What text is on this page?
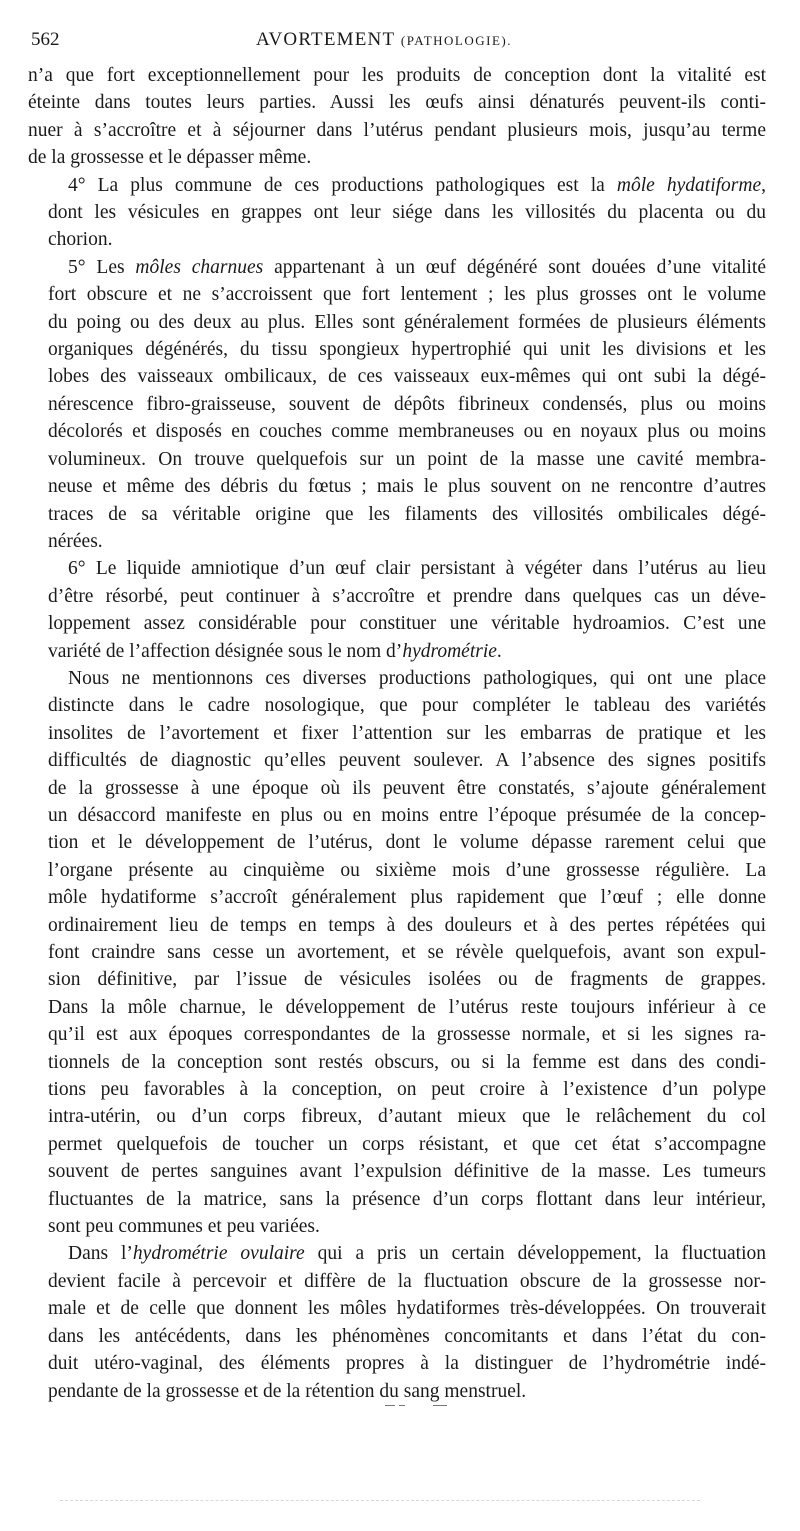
562	AVORTEMENT (PATHOLOGIE).
n’a que fort exceptionnellement pour les produits de conception dont la vitalité est
éteinte dans toutes leurs parties. Aussi les œufs ainsi dénaturés peuvent-ils conti-
nuer à s’accroître et à séjourner dans l’utérus pendant plusieurs mois, jusqu’au terme
de la grossesse et le dépasser même.
4° La plus commune de ces productions pathologiques est la môle hydatiforme,
dont les vésicules en grappes ont leur siége dans les villosités du placenta ou du
chorion.
5° Les môles charnues appartenant à un œuf dégénéré sont douées d’une vitalité
fort obscure et ne s’accroissent que fort lentement ; les plus grosses ont le volume
du poing ou des deux au plus. Elles sont généralement formées de plusieurs éléments
organiques dégénérés, du tissu spongieux hypertrophié qui unit les divisions et les
lobes des vaisseaux ombilicaux, de ces vaisseaux eux-mêmes qui ont subi la dégé-
nérescence fibro-graisseuse, souvent de dépôts fibrineux condensés, plus ou moins
décolorés et disposés en couches comme membraneuses ou en noyaux plus ou moins
volumineux. On trouve quelquefois sur un point de la masse une cavité membra-
neuse et même des débris du fœtus ; mais le plus souvent on ne rencontre d’autres
traces de sa véritable origine que les filaments des villosités ombilicales dégé-
nérées.
6° Le liquide amniotique d’un œuf clair persistant à végéter dans l’utérus au lieu
d’être résorbé, peut continuer à s’accroître et prendre dans quelques cas un déve-
loppement assez considérable pour constituer une véritable hydroamios. C’est une
variété de l’affection désignée sous le nom d’hydrométrie.
Nous ne mentionnons ces diverses productions pathologiques, qui ont une place
distincte dans le cadre nosologique, que pour compléter le tableau des variétés
insolites de l’avortement et fixer l’attention sur les embarras de pratique et les
difficultés de diagnostic qu’elles peuvent soulever. A l’absence des signes positifs
de la grossesse à une époque où ils peuvent être constatés, s’ajoute généralement
un désaccord manifeste en plus ou en moins entre l’époque présumée de la concep-
tion et le développement de l’utérus, dont le volume dépasse rarement celui que
l’organe présente au cinquième ou sixième mois d’une grossesse régulière. La
môle hydatiforme s’accroît généralement plus rapidement que l’œuf ; elle donne
ordinairement lieu de temps en temps à des douleurs et à des pertes répétées qui
font craindre sans cesse un avortement, et se révèle quelquefois, avant son expul-
sion définitive, par l’issue de vésicules isolées ou de fragments de grappes.
Dans la môle charnue, le développement de l’utérus reste toujours inférieur à ce
qu’il est aux époques correspondantes de la grossesse normale, et si les signes ra-
tionnels de la conception sont restés obscurs, ou si la femme est dans des condi-
tions peu favorables à la conception, on peut croire à l’existence d’un polype
intra-utérin, ou d’un corps fibreux, d’autant mieux que le relâchement du col
permet quelquefois de toucher un corps résistant, et que cet état s’accompagne
souvent de pertes sanguines avant l’expulsion définitive de la masse. Les tumeurs
fluctuantes de la matrice, sans la présence d’un corps flottant dans leur intérieur,
sont peu communes et peu variées.
Dans l’hydrométrie ovulaire qui a pris un certain développement, la fluctuation
devient facile à percevoir et diffère de la fluctuation obscure de la grossesse nor-
male et de celle que donnent les môles hydatiformes très-développées. On trouverait
dans les antécédents, dans les phénomènes concomitants et dans l’état du con-
duit utéro-vaginal, des éléments propres à la distinguer de l’hydrométrie indé-
pendante de la grossesse et de la rétention du sang menstruel.
